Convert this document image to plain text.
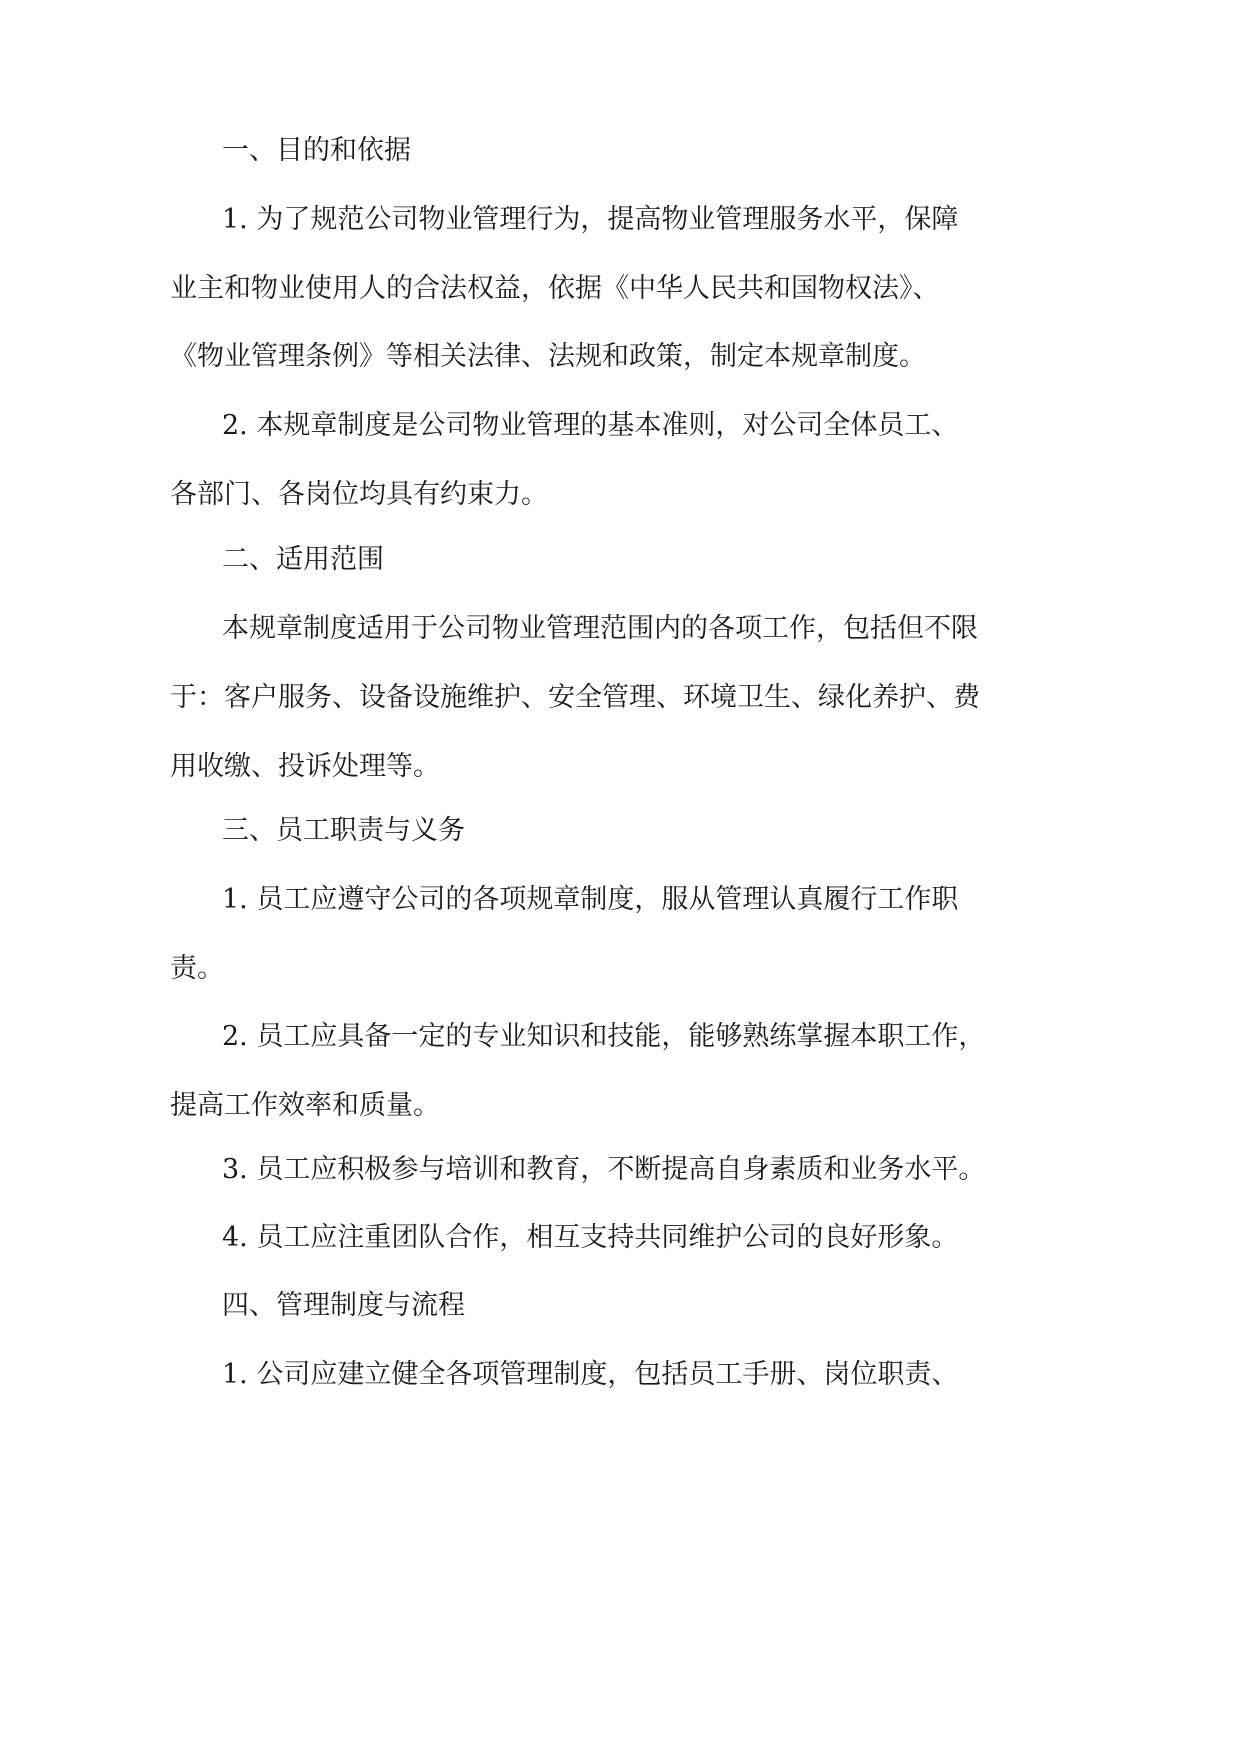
一、目的和依据
1. 为了规范公司物业管理行为，提高物业管理服务水平，保障
业主和物业使用人的合法权益，依据《中华人民共和国物权法》、
《物业管理条例》等相关法律、法规和政策，制定本规章制度。
2. 本规章制度是公司物业管理的基本准则，对公司全体员工、
各部门、各岗位均具有约束力。
二、适用范围
本规章制度适用于公司物业管理范围内的各项工作，包括但不限
于：客户服务、设备设施维护、安全管理、环境卫生、绿化养护、费
用收缴、投诉处理等。
三、员工职责与义务
1. 员工应遵守公司的各项规章制度，服从管理认真履行工作职
责。
2. 员工应具备一定的专业知识和技能，能够熟练掌握本职工作，
提高工作效率和质量。
3. 员工应积极参与培训和教育，不断提高自身素质和业务水平。
4. 员工应注重团队合作，相互支持共同维护公司的良好形象。
四、管理制度与流程
1. 公司应建立健全各项管理制度，包括员工手册、岗位职责、
